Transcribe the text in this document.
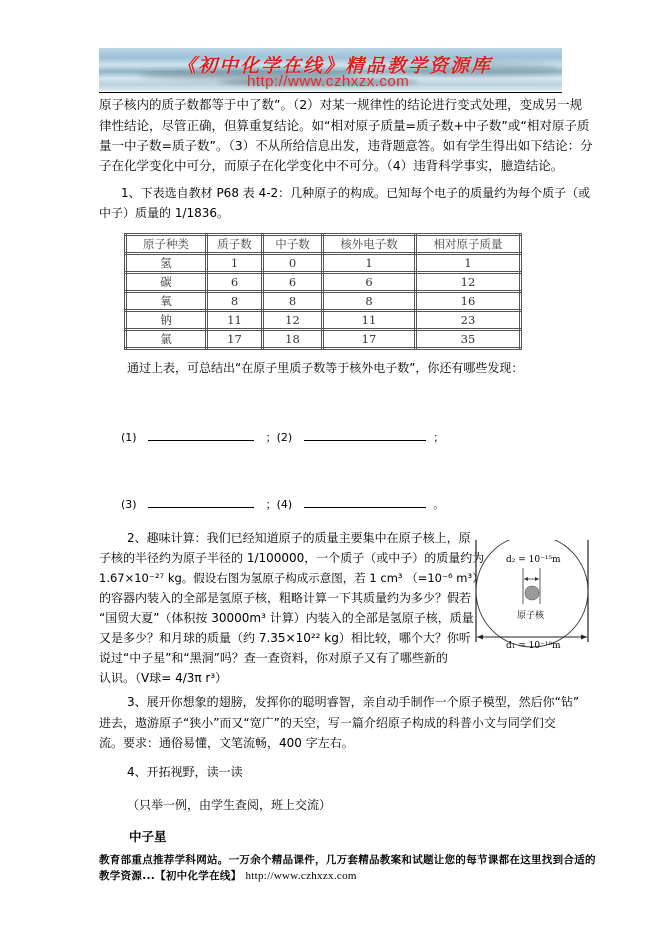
《初中化学在线》精品教学资源库
http://www.czhxzx.com
原子核内的质子数都等于中了数”。（2）对某一规律性的结论进行变式处理，变成另一规
律性结论，尽管正确，但算重复结论。如“相对原子质量=质子数+中子数”或“相对原子质
量一中子数=质子数”。（3）不从所给信息出发，违背题意答。如有学生得出如下结论：分
子在化学变化中可分，而原子在化学变化中不可分。（4）违背科学事实，臆造结论。
1、下表选自教材 P68 表 4-2：几种原子的构成。已知每个电子的质量约为每个质子（或
中子）质量的 1/1836。
原子种类	质子数	中子数	核外电子数	相对原子质量
氢	1	0	1	1
碳	6	6	6	12
氧	8	8	8	16
钠	11	12	11	23
氯	17	18	17	35
通过上表，可总结出“在原子里质子数等于核外电子数”，你还有哪些发现：
(1)	；(2)	；
(3)	；(4)	。
2、趣味计算：我们已经知道原子的质量主要集中在原子核上，原
子核的半径约为原子半径的 1/100000，一个质子（或中子）的质量约为
1.67×10⁻²⁷ kg。假设右图为氢原子构成示意图，若 1 cm³ （=10⁻⁶ m³）
的容器内装入的全部是氢原子核，粗略计算一下其质量约为多少？假若
“国贸大夏”（体积按 30000m³ 计算）内装入的全部是氢原子核，质量
又是多少？和月球的质量（约 7.35×10²² kg）相比较，哪个大？你听
说过“中子星”和“黑洞”吗？查一查资料，你对原子又有了哪些新的
认识。（V球= 4/3π r³）
d₂ = 10⁻¹⁵m
原子核
d₁ = 10⁻¹⁰m
3、展开你想象的翅膀，发挥你的聪明睿智，亲自动手制作一个原子模型，然后你“钻”
进去，遨游原子“狭小”而又“宽广”的天空，写一篇介绍原子构成的科普小文与同学们交
流。要求：通俗易懂，文笔流畅，400 字左右。
4、开拓视野，读一读
（只举一例，由学生查阅，班上交流）
中子星
教育部重点推荐学科网站。一万余个精品课件，几万套精品教案和试题让您的每节课都在这里找到合适的
教学资源...【初中化学在线】 http://www.czhxzx.com
